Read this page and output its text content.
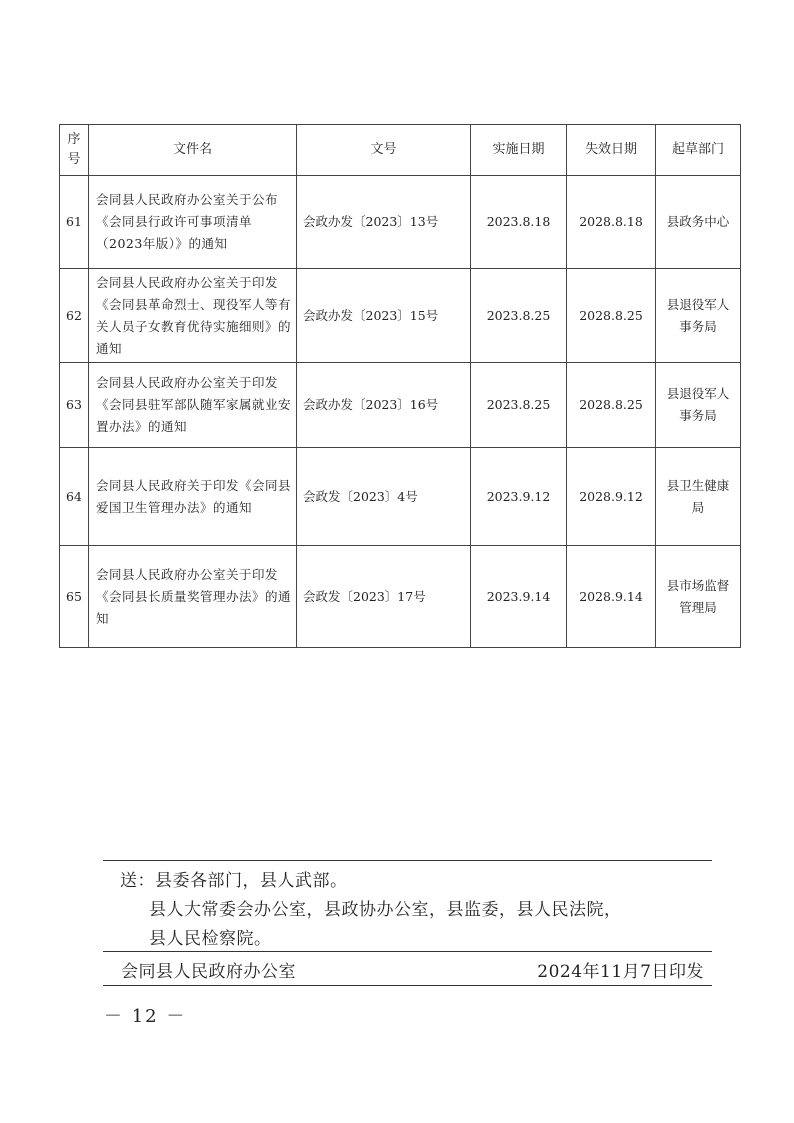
序号	文件名	文号	实施日期	失效日期	起草部门
61	会同县人民政府办公室关于公布《会同县行政许可事项清单（2023年版）》的通知	会政办发〔2023〕13号	2023.8.18	2028.8.18	县政务中心
62	会同县人民政府办公室关于印发《会同县革命烈士、现役军人等有关人员子女教育优待实施细则》的通知	会政办发〔2023〕15号	2023.8.25	2028.8.25	县退役军人事务局
63	会同县人民政府办公室关于印发《会同县驻军部队随军家属就业安置办法》的通知	会政办发〔2023〕16号	2023.8.25	2028.8.25	县退役军人事务局
64	会同县人民政府关于印发《会同县爱国卫生管理办法》的通知	会政发〔2023〕4号	2023.9.12	2028.9.12	县卫生健康局
65	会同县人民政府办公室关于印发《会同县长质量奖管理办法》的通知	会政发〔2023〕17号	2023.9.14	2028.9.14	县市场监督管理局
送：县委各部门，县人武部。
县人大常委会办公室，县政协办公室，县监委，县人民法院，
县人民检察院。
会同县人民政府办公室	2024年11月7日印发
－ 12 －
